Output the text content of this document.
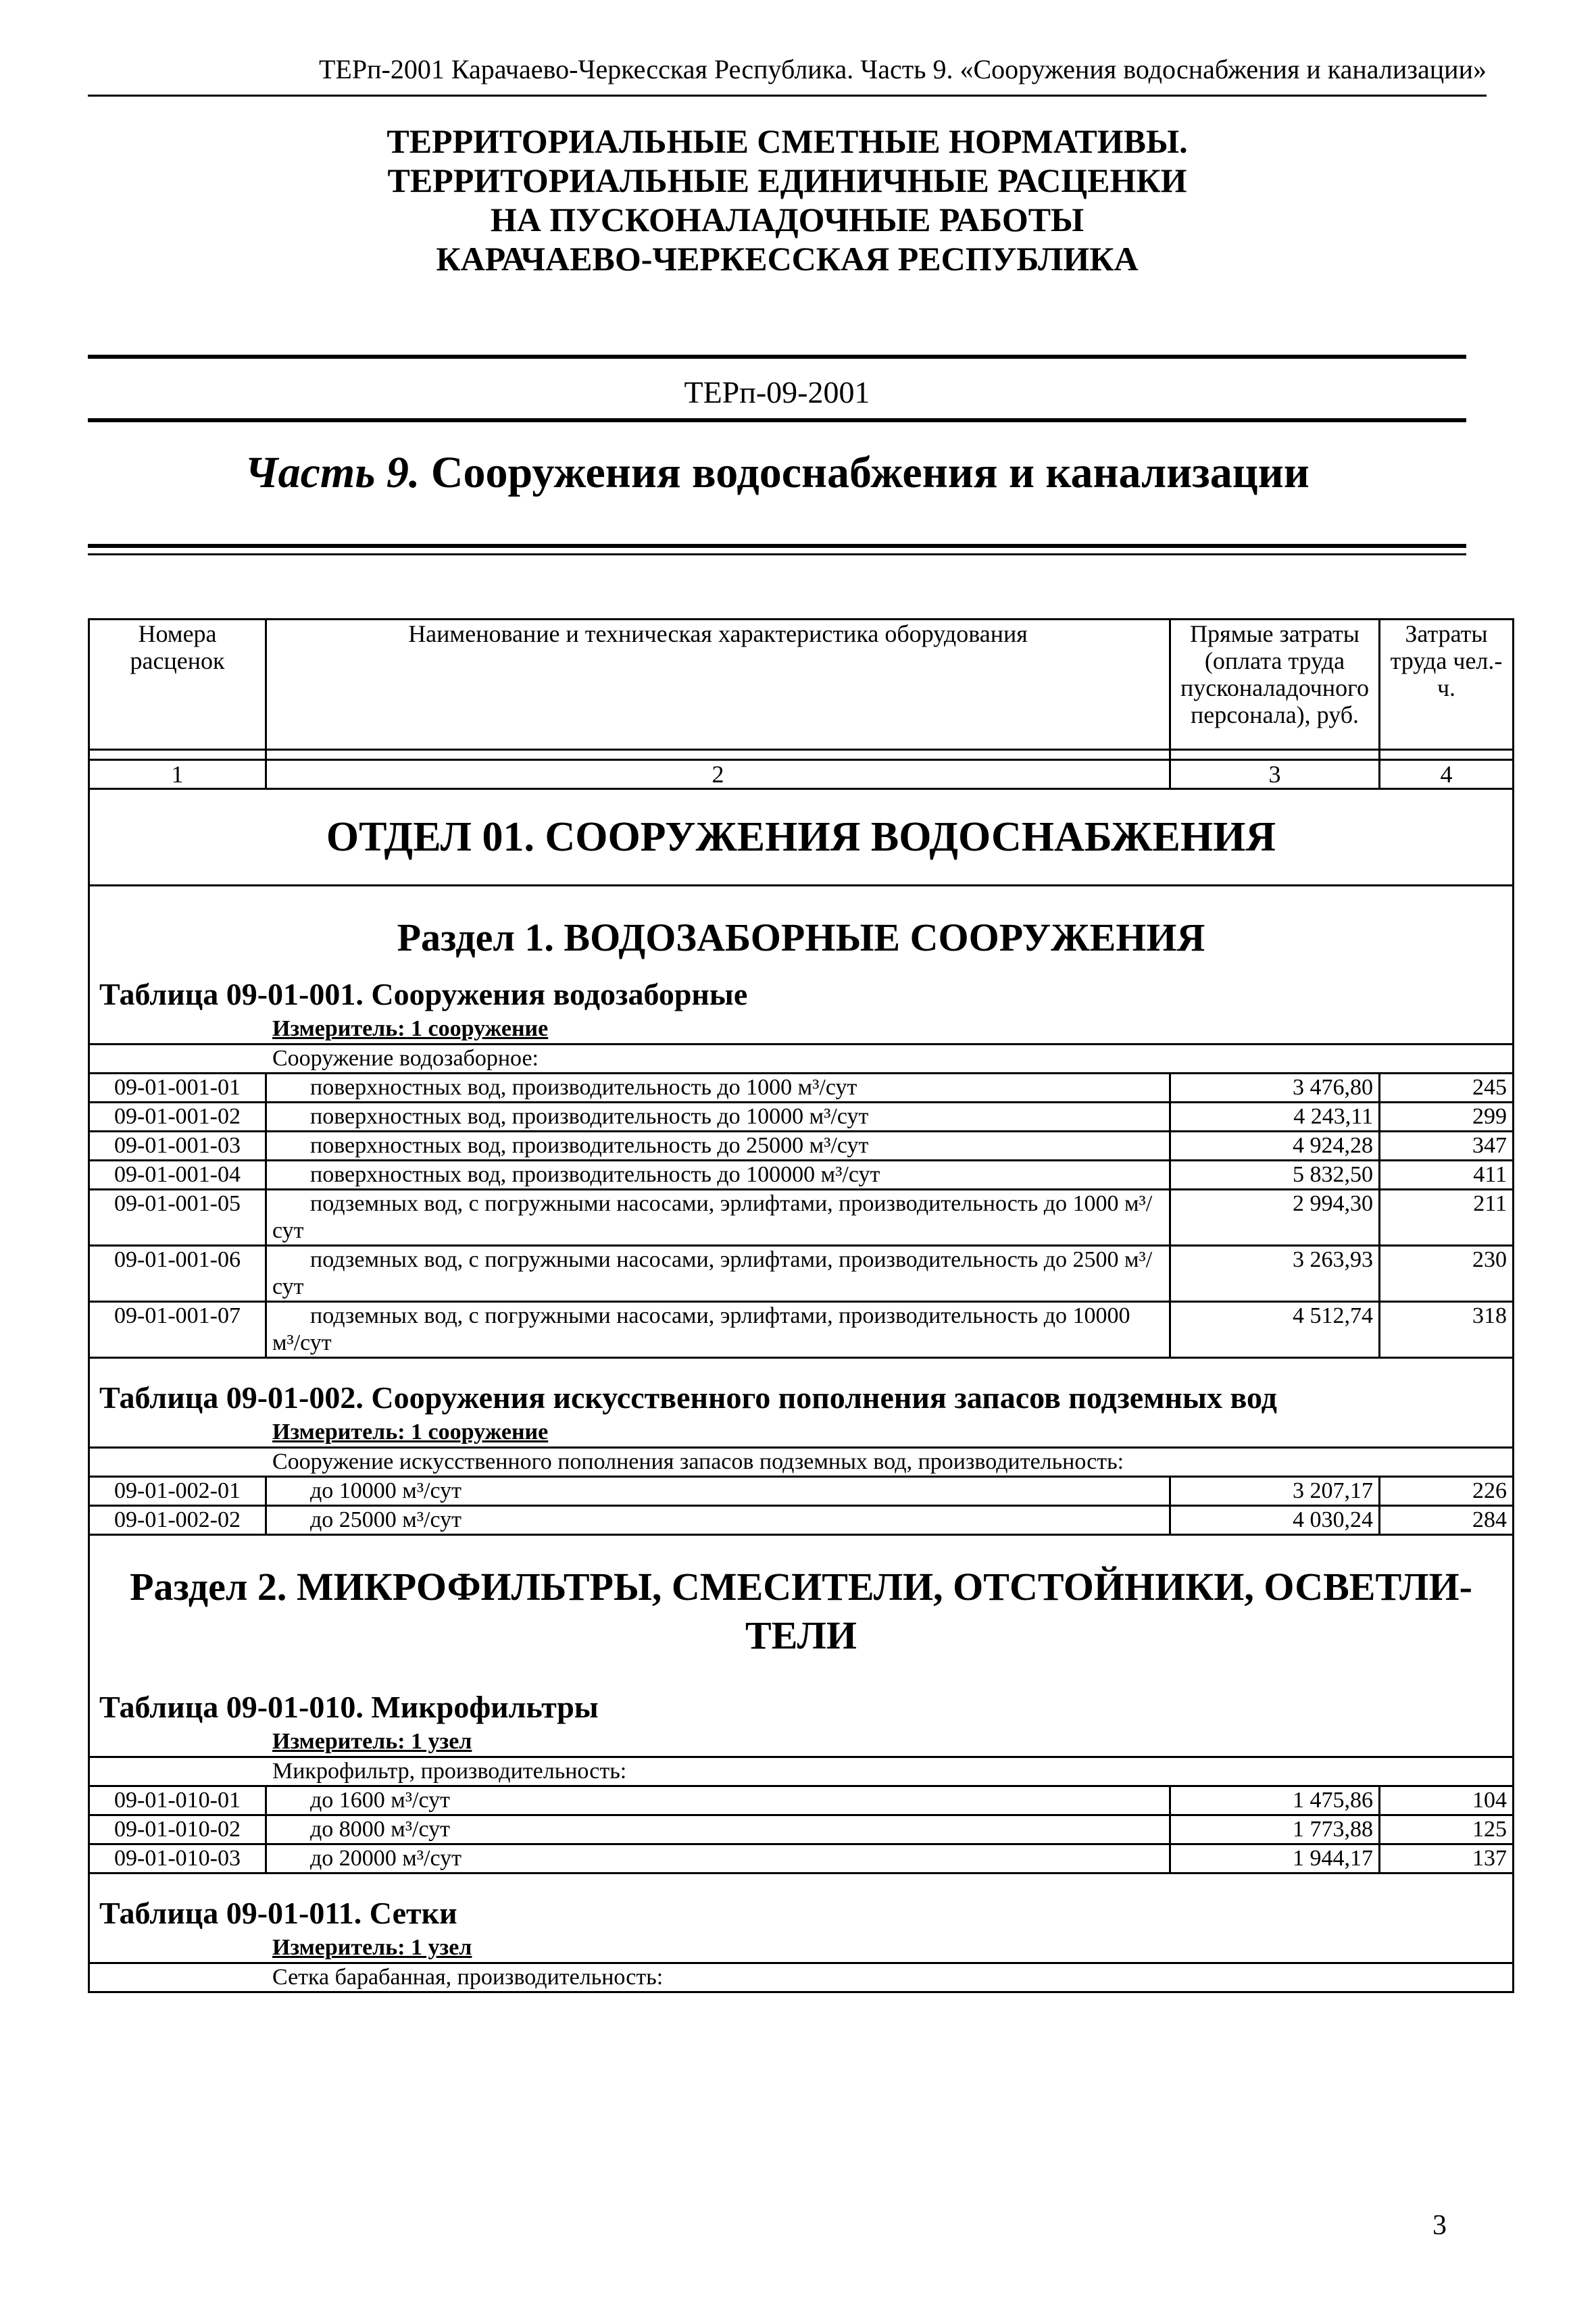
ТЕРп-2001 Карачаево-Черкесская Республика. Часть 9. «Сооружения водоснабжения и канализации»
ТЕРРИТОРИАЛЬНЫЕ СМЕТНЫЕ НОРМАТИВЫ.
ТЕРРИТОРИАЛЬНЫЕ ЕДИНИЧНЫЕ РАСЦЕНКИ
НА ПУСКОНАЛАДОЧНЫЕ РАБОТЫ
КАРАЧАЕВО-ЧЕРКЕССКАЯ РЕСПУБЛИКА
ТЕРп-09-2001
Часть 9. Сооружения водоснабжения и канализации
Номера расценок	Наименование и техническая характеристика оборудования	Прямые затраты (оплата труда пусконаладочного персонала), руб.	Затраты труда чел.-ч.

1	2	3	4
ОТДЕЛ 01. СООРУЖЕНИЯ ВОДОСНАБЖЕНИЯ			
Раздел 1. ВОДОЗАБОРНЫЕ СООРУЖЕНИЯ			
Таблица 09-01-001. Сооружения водозаборные			
Измеритель: 1 сооружение			
Сооружение водозаборное:			
09-01-001-01	поверхностных вод, производительность до 1000 м³/сут	3 476,80	245
09-01-001-02	поверхностных вод, производительность до 10000 м³/сут	4 243,11	299
09-01-001-03	поверхностных вод, производительность до 25000 м³/сут	4 924,28	347
09-01-001-04	поверхностных вод, производительность до 100000 м³/сут	5 832,50	411
09-01-001-05	подземных вод, с погружными насосами, эрлифтами, производительность до 1000 м³/сут	2 994,30	211
09-01-001-06	подземных вод, с погружными насосами, эрлифтами, производительность до 2500 м³/сут	3 263,93	230
09-01-001-07	подземных вод, с погружными насосами, эрлифтами, производительность до 10000 м³/сут	4 512,74	318
Таблица 09-01-002. Сооружения искусственного пополнения запасов подземных вод			
Измеритель: 1 сооружение			
Сооружение искусственного пополнения запасов подземных вод, производительность:			
09-01-002-01	до 10000 м³/сут	3 207,17	226
09-01-002-02	до 25000 м³/сут	4 030,24	284
Раздел 2. МИКРОФИЛЬТРЫ, СМЕСИТЕЛИ, ОТСТОЙНИКИ, ОСВЕТЛИ-ТЕЛИ			
Таблица 09-01-010. Микрофильтры			
Измеритель: 1 узел			
Микрофильтр, производительность:			
09-01-010-01	до 1600 м³/сут	1 475,86	104
09-01-010-02	до 8000 м³/сут	1 773,88	125
09-01-010-03	до 20000 м³/сут	1 944,17	137
Таблица 09-01-011. Сетки			
Измеритель: 1 узел			
Сетка барабанная, производительность:			
3
